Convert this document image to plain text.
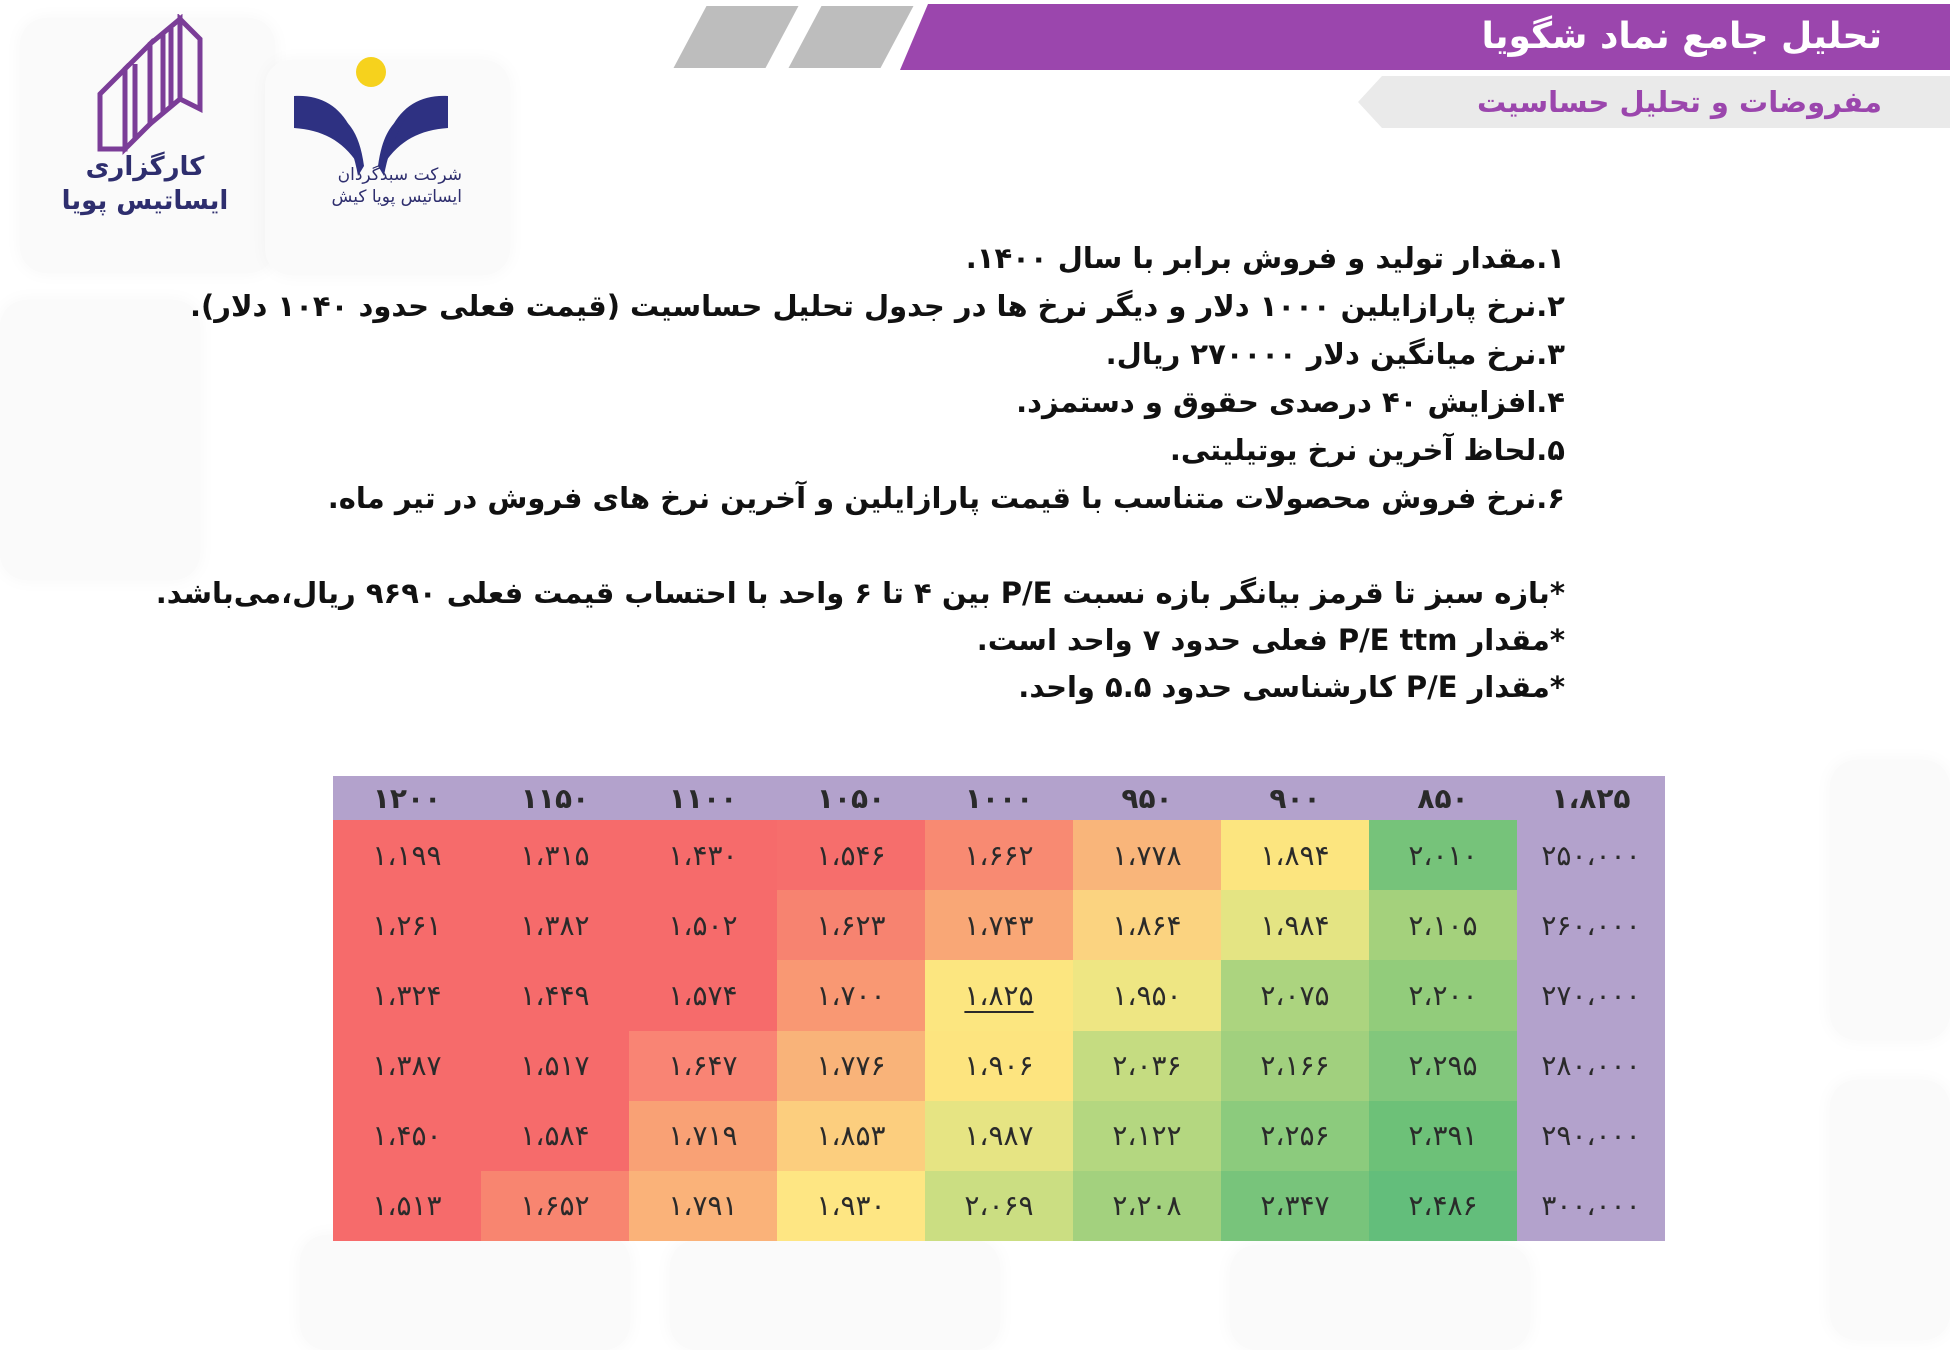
تحلیل جامع نماد شگویا
مفروضات و تحلیل حساسیت
شرکت سبدگردان
ایساتیس پویا کیش
کارگزاری
ایساتیس پویا
۱.مقدار تولید و فروش برابر با سال ۱۴۰۰.
۲.نرخ پارازایلین ۱۰۰۰ دلار و دیگر نرخ ها در جدول تحلیل حساسیت (قیمت فعلی حدود ۱۰۴۰ دلار).
۳.نرخ میانگین دلار ۲۷۰۰۰۰ ریال.
۴.افزایش ۴۰ درصدی حقوق و دستمزد.
۵.لحاظ آخرین نرخ یوتیلیتی.
۶.نرخ فروش محصولات متناسب با قیمت پارازایلین و آخرین نرخ های فروش در تیر ماه.
*بازه سبز تا قرمز بیانگر بازه نسبت P/E بین ۴ تا ۶ واحد با احتساب قیمت فعلی ۹۶۹۰ ریال،می‌باشد.
*مقدار P/E ttm فعلی حدود ۷ واحد است.
*مقدار P/E کارشناسی حدود ۵.۵ واحد.
۱۲۰۰	۱۱۵۰	۱۱۰۰	۱۰۵۰	۱۰۰۰	۹۵۰	۹۰۰	۸۵۰	۱،۸۲۵
۱،۱۹۹	۱،۳۱۵	۱،۴۳۰	۱،۵۴۶	۱،۶۶۲	۱،۷۷۸	۱،۸۹۴	۲،۰۱۰	۲۵۰،۰۰۰
۱،۲۶۱	۱،۳۸۲	۱،۵۰۲	۱،۶۲۳	۱،۷۴۳	۱،۸۶۴	۱،۹۸۴	۲،۱۰۵	۲۶۰،۰۰۰
۱،۳۲۴	۱،۴۴۹	۱،۵۷۴	۱،۷۰۰	۱،۸۲۵	۱،۹۵۰	۲،۰۷۵	۲،۲۰۰	۲۷۰،۰۰۰
۱،۳۸۷	۱،۵۱۷	۱،۶۴۷	۱،۷۷۶	۱،۹۰۶	۲،۰۳۶	۲،۱۶۶	۲،۲۹۵	۲۸۰،۰۰۰
۱،۴۵۰	۱،۵۸۴	۱،۷۱۹	۱،۸۵۳	۱،۹۸۷	۲،۱۲۲	۲،۲۵۶	۲،۳۹۱	۲۹۰،۰۰۰
۱،۵۱۳	۱،۶۵۲	۱،۷۹۱	۱،۹۳۰	۲،۰۶۹	۲،۲۰۸	۲،۳۴۷	۲،۴۸۶	۳۰۰،۰۰۰
